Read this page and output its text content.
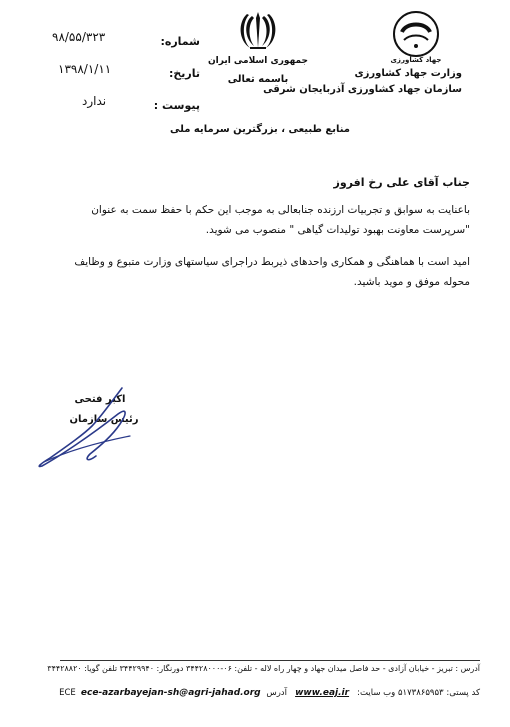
شماره:
۹۸/۵۵/۳۲۳
تاریخ:
۱۳۹۸/۱/۱۱
پیوست :
ندارد
جمهوری اسلامی ایران
باسمه تعالی
جهاد کشاورزی
وزارت جهاد کشاورزی
سازمان جهاد کشاورزی آذربایجان شرقی
منابع طبیعی ، بزرگترین سرمایه ملی
جناب آقای علی رخ افروز
باعنایت به سوابق و تجربیات ارزنده جنابعالی به موجب این حکم با حفظ سمت به عنوان "سرپرست معاونت بهبود تولیدات گیاهی " منصوب می شوید.
امید است با هماهنگی و همکاری واحدهای ذیربط دراجرای سیاستهای وزارت متبوع و وظایف محوله موفق و موید باشید.
اکبر فتحی
رئیس سازمان
آدرس : تبریز - خیابان آزادی - حد فاصل میدان جهاد و چهار راه لاله - تلفن: ۰۶-۳۴۴۲۸۰۰۰ دورنگار: ۳۴۴۲۹۹۴۰ تلفن گویا: ۳۴۴۲۸۸۲۰
کد پستی: ۵۱۷۳۸۶۵۹۵۳ وب سایت: www.eaj.ir آدرس ECE ece-azarbayejan-sh@agri-jahad.org
